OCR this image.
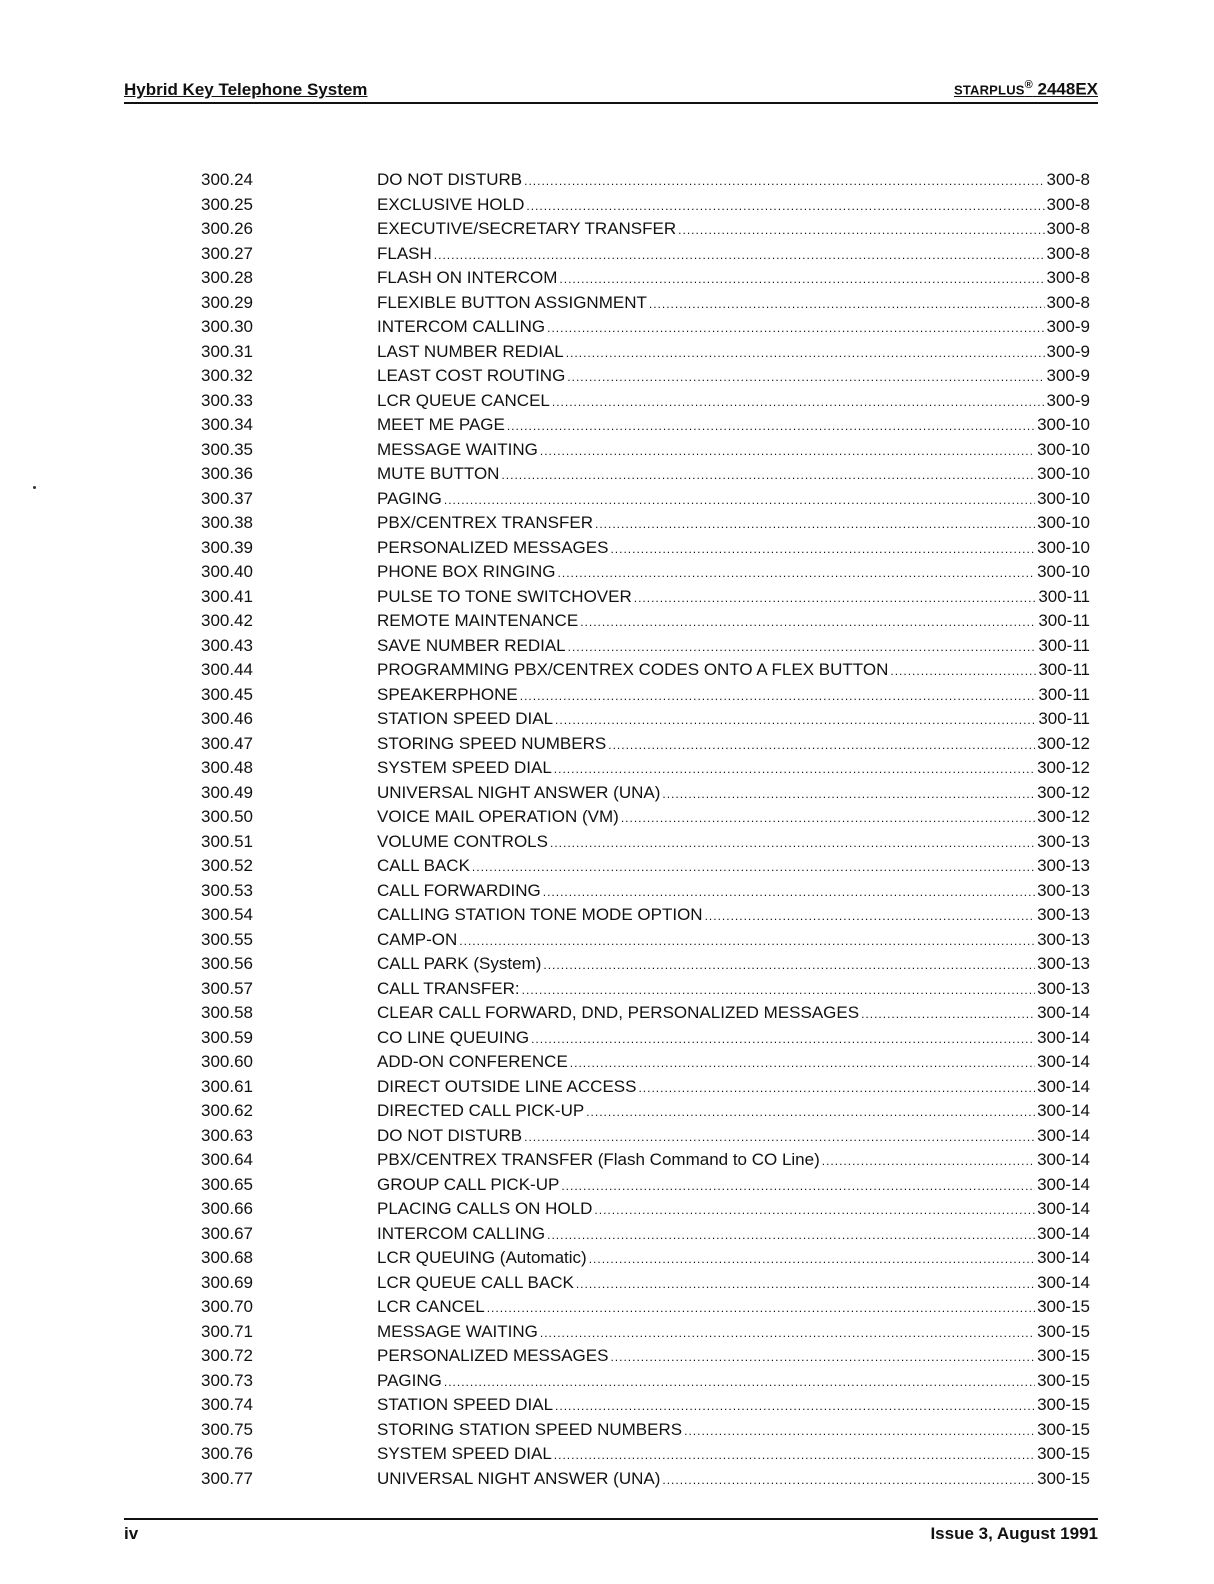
Hybrid Key Telephone System	STARPLUS® 2448EX
300.24	DO NOT DISTURB .....	300-8
300.25	EXCLUSIVE HOLD .....	300-8
300.26	EXECUTIVE/SECRETARY TRANSFER .....	300-8
300.27	FLASH .....	300-8
300.28	FLASH ON INTERCOM .....	300-8
300.29	FLEXIBLE BUTTON ASSIGNMENT .....	300-8
300.30	INTERCOM CALLING .....	300-9
300.31	LAST NUMBER REDIAL .....	300-9
300.32	LEAST COST ROUTING .....	300-9
300.33	LCR QUEUE CANCEL .....	300-9
300.34	MEET ME PAGE .....	300-10
300.35	MESSAGE WAITING .....	300-10
300.36	MUTE BUTTON .....	300-10
300.37	PAGING .....	300-10
300.38	PBX/CENTREX TRANSFER .....	300-10
300.39	PERSONALIZED MESSAGES .....	300-10
300.40	PHONE BOX RINGING .....	300-10
300.41	PULSE TO TONE SWITCHOVER .....	300-11
300.42	REMOTE MAINTENANCE .....	300-11
300.43	SAVE NUMBER REDIAL .....	300-11
300.44	PROGRAMMING PBX/CENTREX CODES ONTO A FLEX BUTTON .....	300-11
300.45	SPEAKERPHONE .....	300-11
300.46	STATION SPEED DIAL .....	300-11
300.47	STORING SPEED NUMBERS .....	300-12
300.48	SYSTEM SPEED DIAL .....	300-12
300.49	UNIVERSAL NIGHT ANSWER (UNA) .....	300-12
300.50	VOICE MAIL OPERATION (VM) .....	300-12
300.51	VOLUME CONTROLS .....	300-13
300.52	CALL BACK .....	300-13
300.53	CALL FORWARDING .....	300-13
300.54	CALLING STATION TONE MODE OPTION .....	300-13
300.55	CAMP-ON .....	300-13
300.56	CALL PARK (System) .....	300-13
300.57	CALL TRANSFER: .....	300-13
300.58	CLEAR CALL FORWARD, DND, PERSONALIZED MESSAGES .....	300-14
300.59	CO LINE QUEUING .....	300-14
300.60	ADD-ON CONFERENCE .....	300-14
300.61	DIRECT OUTSIDE LINE ACCESS .....	300-14
300.62	DIRECTED CALL PICK-UP .....	300-14
300.63	DO NOT DISTURB .....	300-14
300.64	PBX/CENTREX TRANSFER (Flash Command to CO Line) .....	300-14
300.65	GROUP CALL PICK-UP .....	300-14
300.66	PLACING CALLS ON HOLD .....	300-14
300.67	INTERCOM CALLING .....	300-14
300.68	LCR QUEUING (Automatic) .....	300-14
300.69	LCR QUEUE CALL BACK .....	300-14
300.70	LCR CANCEL .....	300-15
300.71	MESSAGE WAITING .....	300-15
300.72	PERSONALIZED MESSAGES .....	300-15
300.73	PAGING .....	300-15
300.74	STATION SPEED DIAL .....	300-15
300.75	STORING STATION SPEED NUMBERS .....	300-15
300.76	SYSTEM SPEED DIAL .....	300-15
300.77	UNIVERSAL NIGHT ANSWER (UNA) .....	300-15
iv	Issue 3, August 1991
